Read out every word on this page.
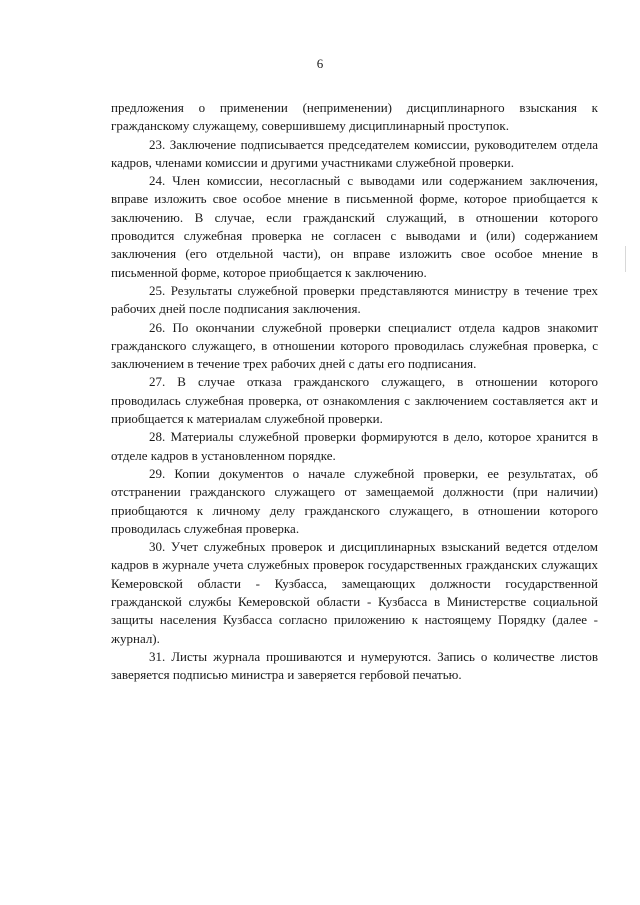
6

предложения о применении (неприменении) дисциплинарного взыскания к гражданскому служащему, совершившему дисциплинарный проступок.

23. Заключение подписывается председателем комиссии, руководителем отдела кадров, членами комиссии и другими участниками служебной проверки.

24. Член комиссии, несогласный с выводами или содержанием заключения, вправе изложить свое особое мнение в письменной форме, которое приобщается к заключению. В случае, если гражданский служащий, в отношении которого проводится служебная проверка не согласен с выводами и (или) содержанием заключения (его отдельной части), он вправе изложить свое особое мнение в письменной форме, которое приобщается к заключению.

25. Результаты служебной проверки представляются министру в течение трех рабочих дней после подписания заключения.

26. По окончании служебной проверки специалист отдела кадров знакомит гражданского служащего, в отношении которого проводилась служебная проверка, с заключением в течение трех рабочих дней с даты его подписания.

27. В случае отказа гражданского служащего, в отношении которого проводилась служебная проверка, от ознакомления с заключением составляется акт и приобщается к материалам служебной проверки.

28. Материалы служебной проверки формируются в дело, которое хранится в отделе кадров в установленном порядке.

29. Копии документов о начале служебной проверки, ее результатах, об отстранении гражданского служащего от замещаемой должности (при наличии) приобщаются к личному делу гражданского служащего, в отношении которого проводилась служебная проверка.

30. Учет служебных проверок и дисциплинарных взысканий ведется отделом кадров в журнале учета служебных проверок государственных гражданских служащих Кемеровской области - Кузбасса, замещающих должности государственной гражданской службы Кемеровской области - Кузбасса в Министерстве социальной защиты населения Кузбасса согласно приложению к настоящему Порядку (далее - журнал).

31. Листы журнала прошиваются и нумеруются. Запись о количестве листов заверяется подписью министра и заверяется гербовой печатью.
